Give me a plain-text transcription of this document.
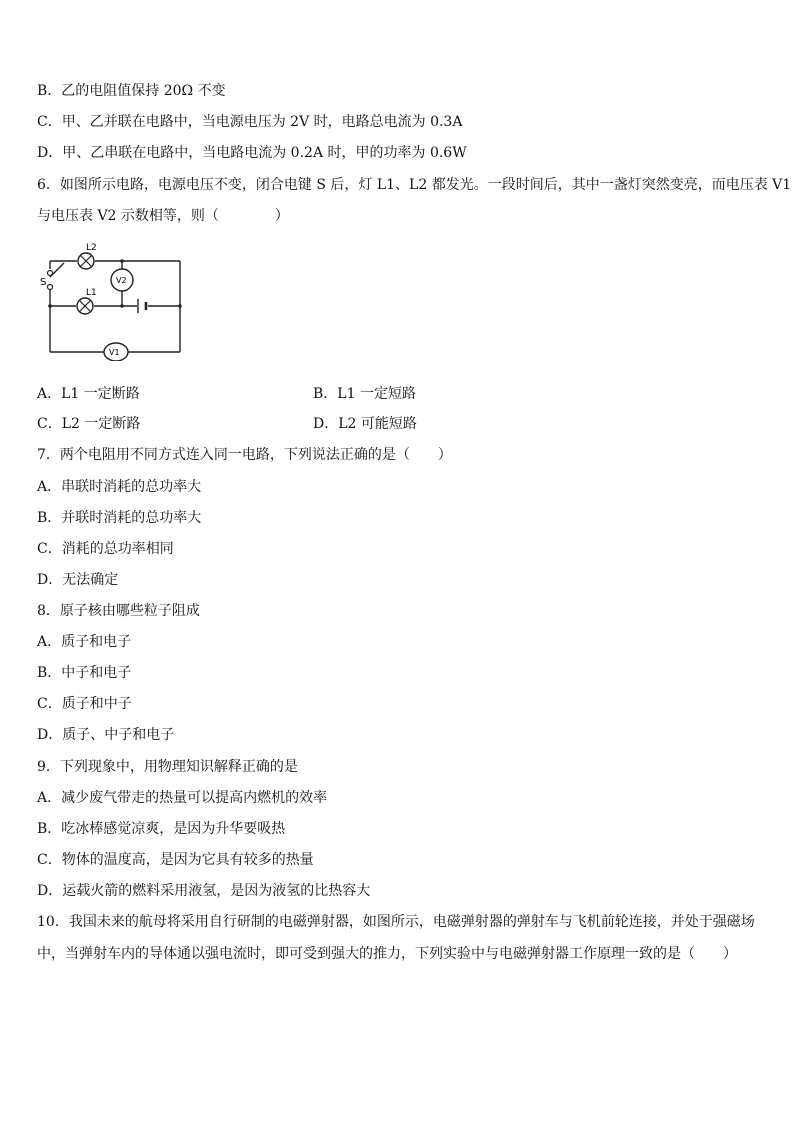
B．乙的电阻值保持 20Ω 不变
C．甲、乙并联在电路中，当电源电压为 2V 时，电路总电流为 0.3A
D．甲、乙串联在电路中，当电路电流为 0.2A 时，甲的功率为 0.6W
6．如图所示电路，电源电压不变，闭合电键 S 后，灯 L1、L2 都发光。一段时间后，其中一盏灯突然变亮，而电压表 V1
与电压表 V2 示数相等，则（　　　　）
L2
L1
S	V2
V1
A．L1 一定断路	B．L1 一定短路
C．L2 一定断路	D．L2 可能短路
7．两个电阻用不同方式连入同一电路，下列说法正确的是（　　）
A．串联时消耗的总功率大
B．并联时消耗的总功率大
C．消耗的总功率相同
D．无法确定
8．原子核由哪些粒子阻成
A．质子和电子
B．中子和电子
C．质子和中子
D．质子、中子和电子
9．下列现象中，用物理知识解释正确的是
A．减少废气带走的热量可以提高内燃机的效率
B．吃冰棒感觉凉爽，是因为升华要吸热
C．物体的温度高，是因为它具有较多的热量
D．运载火箭的燃料采用液氢，是因为液氢的比热容大
10．我国未来的航母将采用自行研制的电磁弹射器，如图所示，电磁弹射器的弹射车与飞机前轮连接，并处于强磁场
中，当弹射车内的导体通以强电流时，即可受到强大的推力，下列实验中与电磁弹射器工作原理一致的是（　　）
